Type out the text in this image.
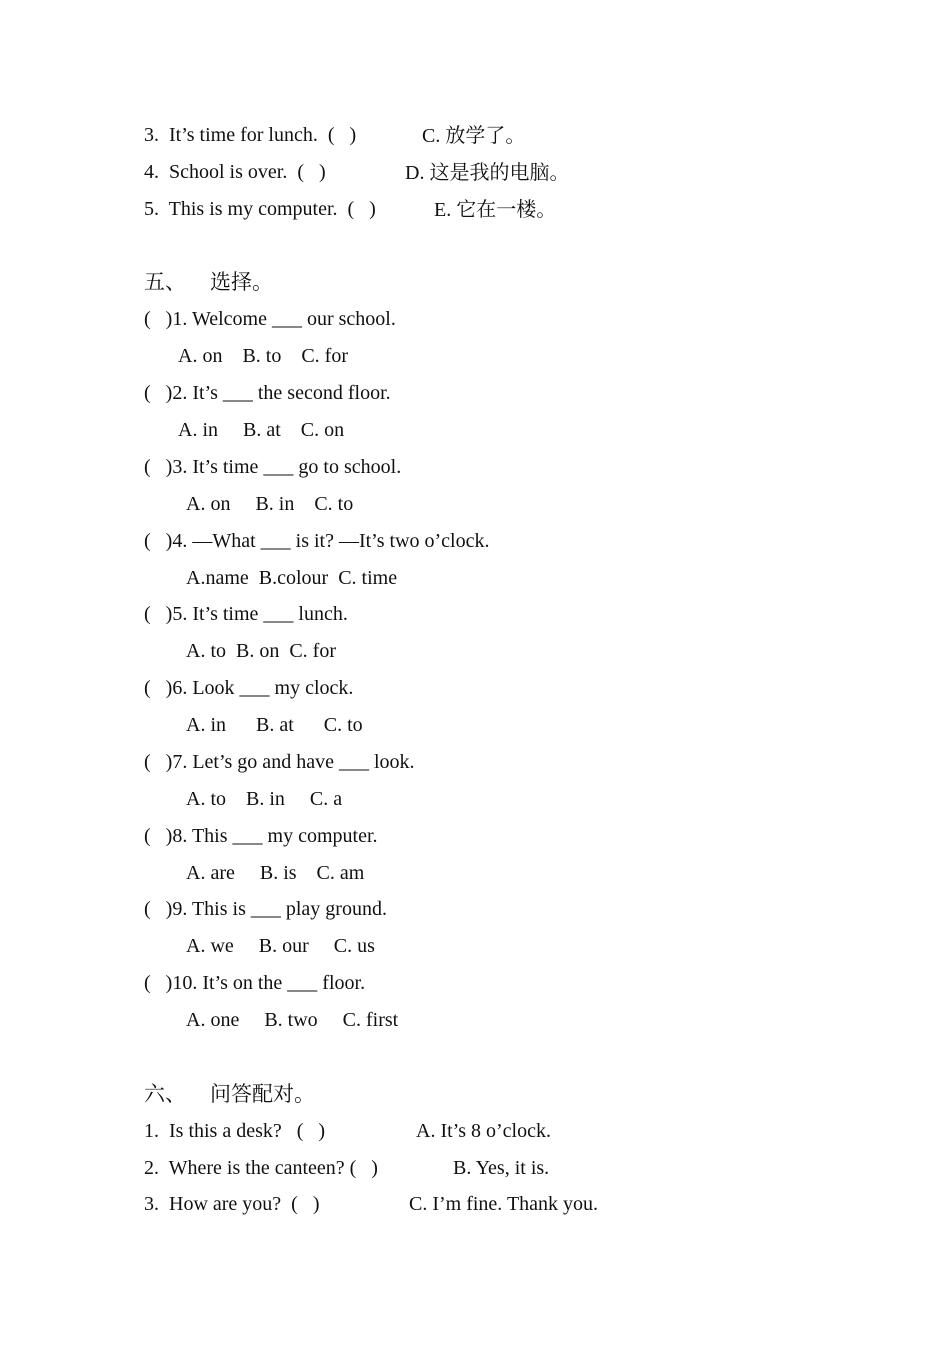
3.  It’s time for lunch.  (   )	C. 放学了。
4.  School is over.  (   )	D. 这是我的电脑。
5.  This is my computer.  (   )	E. 它在一楼。
五、 选择。
(   )1. Welcome ___ our school.
A. on    B. to    C. for
(   )2. It’s ___ the second floor.
A. in     B. at    C. on
(   )3. It’s time ___ go to school.
A. on     B. in    C. to
(   )4. —What ___ is it? —It’s two o’clock.
A.name  B.colour  C. time
(   )5. It’s time ___ lunch.
A. to  B. on  C. for
(   )6. Look ___ my clock.
A. in      B. at      C. to
(   )7. Let’s go and have ___ look.
A. to    B. in     C. a
(   )8. This ___ my computer.
A. are     B. is    C. am
(   )9. This is ___ play ground.
A. we     B. our     C. us
(   )10. It’s on the ___ floor.
A. one     B. two     C. first
六、 问答配对。
1.  Is this a desk?   (   )	A. It’s 8 o’clock.
2.  Where is the canteen? (   )	B. Yes, it is.
3.  How are you?  (   )	C. I’m fine. Thank you.
